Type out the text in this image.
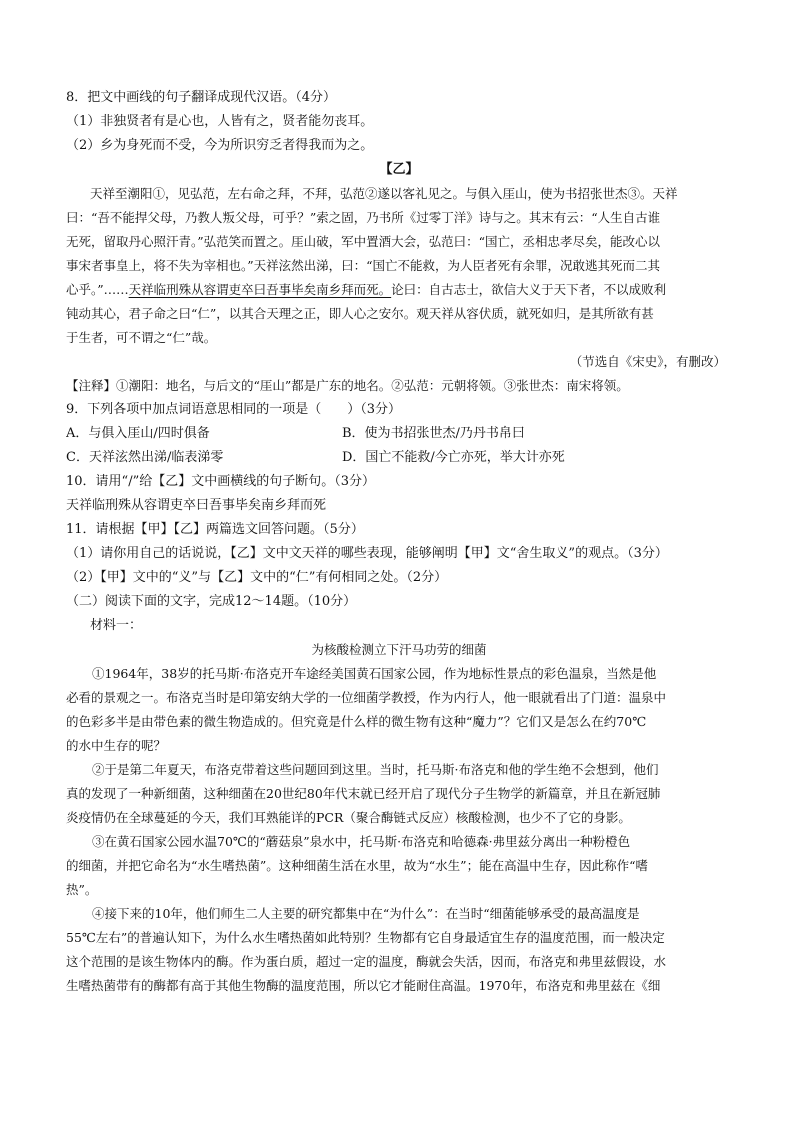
8．把文中画线的句子翻译成现代汉语。（4分）
（1）非独贤者有是心也，人皆有之，贤者能勿丧耳。
（2）乡为身死而不受，今为所识穷乏者得我而为之。
【乙】
天祥至潮阳①，见弘范，左右命之拜，不拜，弘范②遂以客礼见之。与俱入厓山，使为书招张世杰③。天祥
曰：“吾不能捍父母，乃教人叛父母，可乎？”索之固，乃书所《过零丁洋》诗与之。其末有云：“人生自古谁
无死，留取丹心照汗青。”弘范笑而置之。厓山破，军中置酒大会，弘范曰：“国亡，丞相忠孝尽矣，能改心以
事宋者事皇上，将不失为宰相也。”天祥泫然出涕，曰：“国亡不能救，为人臣者死有余罪，况敢逃其死而二其
心乎。”……天祥临刑殊从容谓吏卒曰吾事毕矣南乡拜而死。论曰：自古志士，欲信大义于天下者，不以成败利
钝动其心，君子命之曰“仁”，以其合天理之正，即人心之安尔。观天祥从容伏质，就死如归，是其所欲有甚
于生者，可不谓之“仁”哉。
（节选自《宋史》，有删改）
【注释】①潮阳：地名，与后文的“厓山”都是广东的地名。②弘范：元朝将领。③张世杰：南宋将领。
9．下列各项中加点词语意思相同的一项是（　　）（3分）
A．与俱入厓山/四时俱备	B．使为书招张世杰/乃丹书帛曰
C．天祥泫然出涕/临表涕零	D．国亡不能救/今亡亦死，举大计亦死
10．请用“/”给【乙】文中画横线的句子断句。（3分）
天祥临刑殊从容谓吏卒曰吾事毕矣南乡拜而死
11．请根据【甲】【乙】两篇选文回答问题。（5分）
（1）请你用自己的话说说，【乙】文中文天祥的哪些表现，能够阐明【甲】文“舍生取义”的观点。（3分）
（2）【甲】文中的“义”与【乙】文中的“仁”有何相同之处。（2分）
（二）阅读下面的文字，完成12～14题。（10分）
材料一：
为核酸检测立下汗马功劳的细菌
①1964年，38岁的托马斯·布洛克开车途经美国黄石国家公园，作为地标性景点的彩色温泉，当然是他
必看的景观之一。布洛克当时是印第安纳大学的一位细菌学教授，作为内行人，他一眼就看出了门道：温泉中
的色彩多半是由带色素的微生物造成的。但究竟是什么样的微生物有这种“魔力”？它们又是怎么在约70℃
的水中生存的呢？
②于是第二年夏天，布洛克带着这些问题回到这里。当时，托马斯·布洛克和他的学生绝不会想到，他们
真的发现了一种新细菌，这种细菌在20世纪80年代末就已经开启了现代分子生物学的新篇章，并且在新冠肺
炎疫情仍在全球蔓延的今天，我们耳熟能详的PCR（聚合酶链式反应）核酸检测，也少不了它的身影。
③在黄石国家公园水温70℃的“蘑菇泉”泉水中，托马斯·布洛克和哈德森·弗里兹分离出一种粉橙色
的细菌，并把它命名为“水生嗜热菌”。这种细菌生活在水里，故为“水生”；能在高温中生存，因此称作“嗜
热”。
④接下来的10年，他们师生二人主要的研究都集中在“为什么”：在当时“细菌能够承受的最高温度是
55℃左右”的普遍认知下，为什么水生嗜热菌如此特别？生物都有它自身最适宜生存的温度范围，而一般决定
这个范围的是该生物体内的酶。作为蛋白质，超过一定的温度，酶就会失活，因而，布洛克和弗里兹假设，水
生嗜热菌带有的酶都有高于其他生物酶的温度范围，所以它才能耐住高温。1970年，布洛克和弗里兹在《细
